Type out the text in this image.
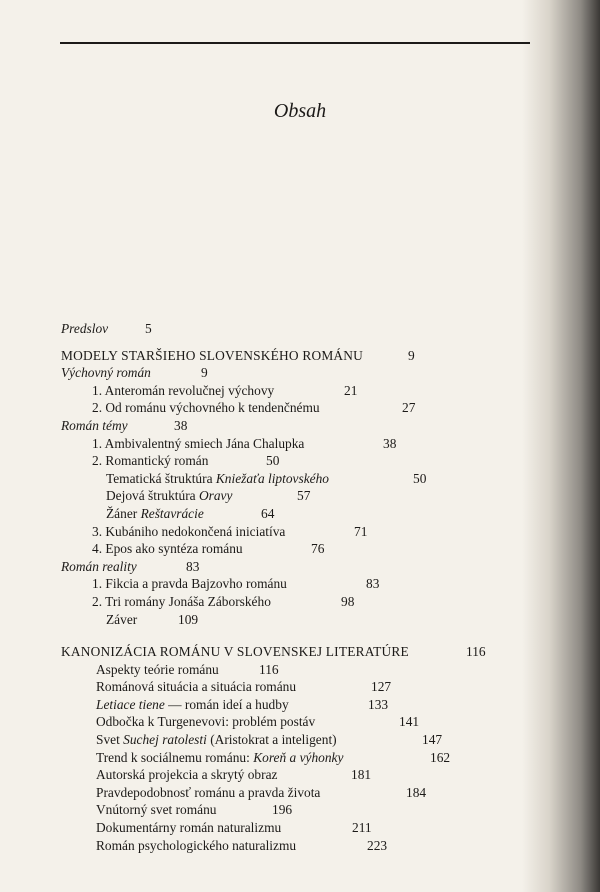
Obsah
Predslov	5
MODELY STARŠIEHO SLOVENSKÉHO ROMÁNU	9
Výchovný román	9
1. Anteromán revolučnej výchovy	21
2. Od románu výchovného k tendenčnému	27
Román témy	38
1. Ambivalentný smiech Jána Chalupka	38
2. Romantický román	50
Tematická štruktúra Kniežaťa liptovského	50
Dejová štruktúra Oravy	57
Žáner Reštavrácie	64
3. Kubániho nedokončená iniciatíva	71
4. Epos ako syntéza románu	76
Román reality	83
1. Fikcia a pravda Bajzovho románu	83
2. Tri romány Jonáša Záborského	98
Záver	109
KANONIZÁCIA ROMÁNU V SLOVENSKEJ LITERATÚRE	116
Aspekty teórie románu	116
Románová situácia a situácia románu	127
Letiace tiene — román ideí a hudby	133
Odbočka k Turgenevovi: problém postáv	141
Svet Suchej ratolesti (Aristokrat a inteligent)	147
Trend k sociálnemu románu: Koreň a výhonky	162
Autorská projekcia a skrytý obraz	181
Pravdepodobnosť románu a pravda života	184
Vnútorný svet románu	196
Dokumentárny román naturalizmu	211
Román psychologického naturalizmu	223
